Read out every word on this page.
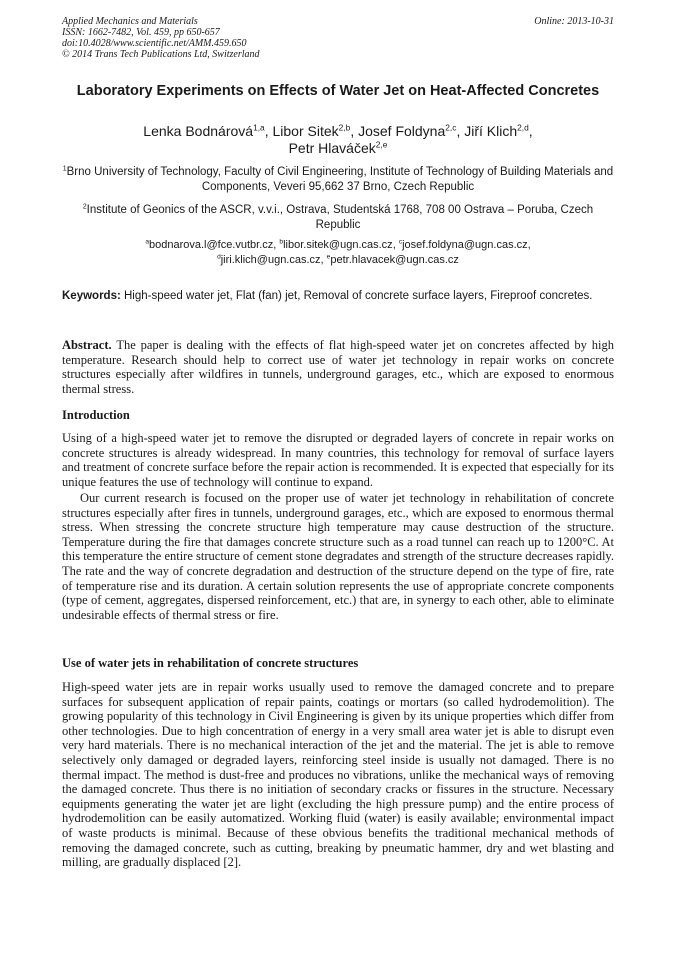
Applied Mechanics and Materials
ISSN: 1662-7482, Vol. 459, pp 650-657
doi:10.4028/www.scientific.net/AMM.459.650
© 2014 Trans Tech Publications Ltd, Switzerland
Online: 2013-10-31
Laboratory Experiments on Effects of Water Jet on Heat-Affected Concretes
Lenka Bodnárová$^{1,a}$, Libor Sitek$^{2,b}$, Josef Foldyna$^{2,c}$, Jiří Klich$^{2,d}$,
Petr Hlaváček$^{2,e}$
$^1$Brno University of Technology, Faculty of Civil Engineering, Institute of Technology of Building Materials and Components, Veveri 95,662 37 Brno, Czech Republic
$^2$Institute of Geonics of the ASCR, v.v.i., Ostrava, Studentská 1768, 708 00 Ostrava – Poruba, Czech Republic
$^a$bodnarova.l@fce.vutbr.cz, $^b$libor.sitek@ugn.cas.cz, $^c$josef.foldyna@ugn.cas.cz,
$^d$jiri.klich@ugn.cas.cz, $^e$petr.hlavacek@ugn.cas.cz
Keywords: High-speed water jet, Flat (fan) jet, Removal of concrete surface layers, Fireproof concretes.

Abstract. The paper is dealing with the effects of flat high-speed water jet on concretes affected by high temperature. Research should help to correct use of water jet technology in repair works on concrete structures especially after wildfires in tunnels, underground garages, etc., which are exposed to enormous thermal stress.

Introduction

Using of a high-speed water jet to remove the disrupted or degraded layers of concrete in repair works on concrete structures is already widespread. In many countries, this technology for removal of surface layers and treatment of concrete surface before the repair action is recommended. It is expected that especially for its unique features the use of technology will continue to expand.

Our current research is focused on the proper use of water jet technology in rehabilitation of concrete structures especially after fires in tunnels, underground garages, etc., which are exposed to enormous thermal stress. When stressing the concrete structure high temperature may cause destruction of the structure. Temperature during the fire that damages concrete structure such as a road tunnel can reach up to 1200°C. At this temperature the entire structure of cement stone degradates and strength of the structure decreases rapidly. The rate and the way of concrete degradation and destruction of the structure depend on the type of fire, rate of temperature rise and its duration. A certain solution represents the use of appropriate concrete components (type of cement, aggregates, dispersed reinforcement, etc.) that are, in synergy to each other, able to eliminate undesirable effects of thermal stress or fire.

Use of water jets in rehabilitation of concrete structures

High-speed water jets are in repair works usually used to remove the damaged concrete and to prepare surfaces for subsequent application of repair paints, coatings or mortars (so called hydrodemolition). The growing popularity of this technology in Civil Engineering is given by its unique properties which differ from other technologies. Due to high concentration of energy in a very small area water jet is able to disrupt even very hard materials. There is no mechanical interaction of the jet and the material. The jet is able to remove selectively only damaged or degraded layers, reinforcing steel inside is usually not damaged. There is no thermal impact. The method is dust-free and produces no vibrations, unlike the mechanical ways of removing the damaged concrete. Thus there is no initiation of secondary cracks or fissures in the structure. Necessary equipments generating the water jet are light (excluding the high pressure pump) and the entire process of hydrodemolition can be easily automatized. Working fluid (water) is easily available; environmental impact of waste products is minimal. Because of these obvious benefits the traditional mechanical methods of removing the damaged concrete, such as cutting, breaking by pneumatic hammer, dry and wet blasting and milling, are gradually displaced [2].
